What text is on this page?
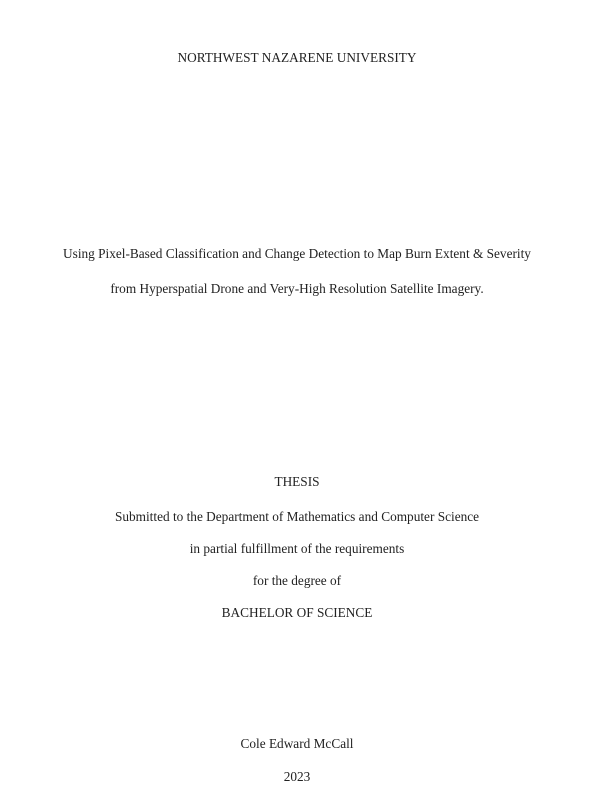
NORTHWEST NAZARENE UNIVERSITY
Using Pixel-Based Classification and Change Detection to Map Burn Extent & Severity
from Hyperspatial Drone and Very-High Resolution Satellite Imagery.
THESIS
Submitted to the Department of Mathematics and Computer Science
in partial fulfillment of the requirements
for the degree of
BACHELOR OF SCIENCE
Cole Edward McCall
2023
